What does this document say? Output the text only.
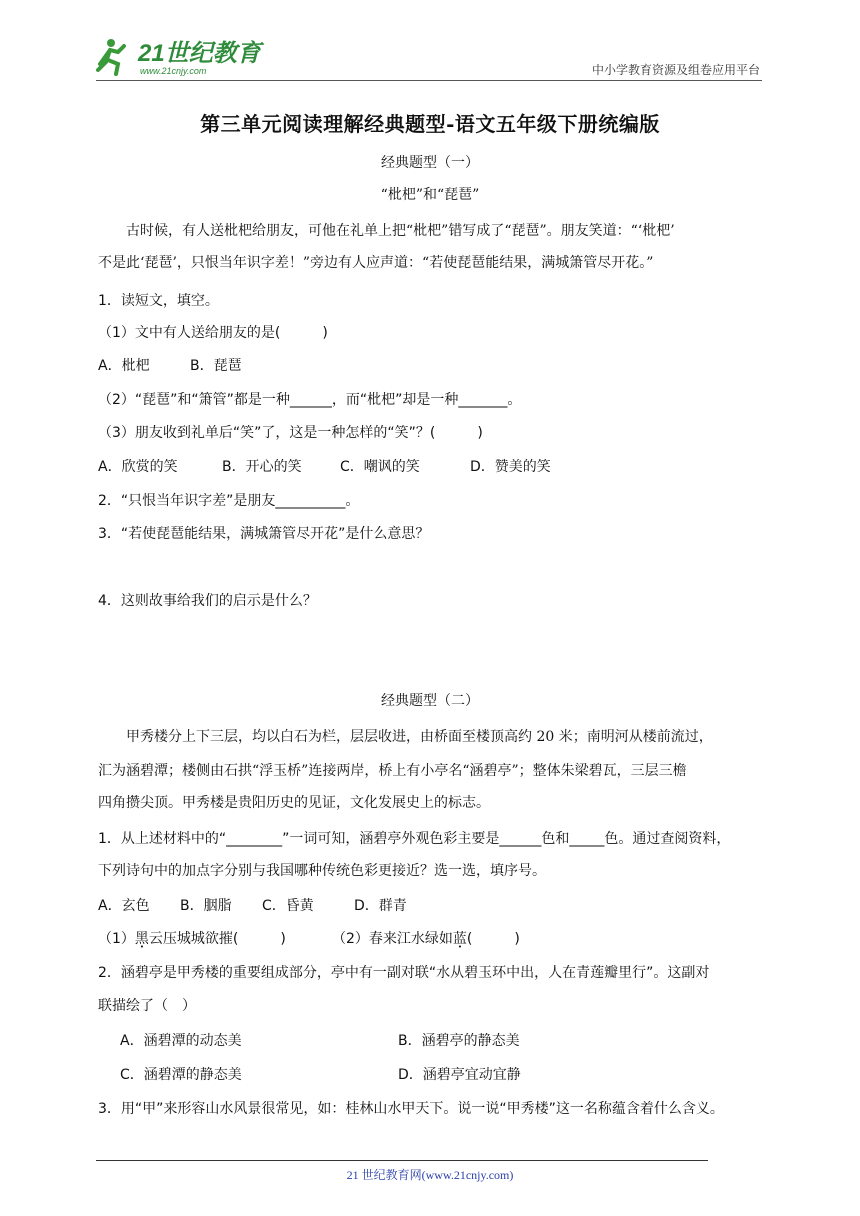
21世纪教育
www.21cnjy.com	中小学教育资源及组卷应用平台
第三单元阅读理解经典题型-语文五年级下册统编版
经典题型（一）
“枇杷”和“琵琶”
古时候，有人送枇杷给朋友，可他在礼单上把“枇杷”错写成了“琵琶”。朋友笑道：“‘枇杷’
不是此‘琵琶’，只恨当年识字差！”旁边有人应声道：“若使琵琶能结果，满城箫管尽开花。”
1．读短文，填空。
（1）文中有人送给朋友的是(　　　)
A．枇杷	B．琵琶
（2）“琵琶”和“箫管”都是一种______，而“枇杷”却是一种_______。
（3）朋友收到礼单后“笑”了，这是一种怎样的“笑”？(　　　)
A．欣赏的笑	B．开心的笑	C．嘲讽的笑	D．赞美的笑
2．“只恨当年识字差”是朋友__________。
3．“若使琵琶能结果，满城箫管尽开花”是什么意思？
4．这则故事给我们的启示是什么？
经典题型（二）
甲秀楼分上下三层，均以白石为栏，层层收进，由桥面至楼顶高约 20 米；南明河从楼前流过，
汇为涵碧潭；楼侧由石拱“浮玉桥”连接两岸，桥上有小亭名“涵碧亭”；整体朱梁碧瓦，三层三檐
四角攒尖顶。甲秀楼是贵阳历史的见证，文化发展史上的标志。
1．从上述材料中的“________”一词可知，涵碧亭外观色彩主要是______色和_____色。通过查阅资料，
下列诗句中的加点字分别与我国哪种传统色彩更接近？选一选，填序号。
A．玄色 B．胭脂 C．昏黄	D．群青
（1）黑云压城城欲摧(　　　)	（2）春来江水绿如蓝(　　　)
2．涵碧亭是甲秀楼的重要组成部分，亭中有一副对联“水从碧玉环中出，人在青莲瓣里行”。这副对
联描绘了（　）
A．涵碧潭的动态美	B．涵碧亭的静态美
C．涵碧潭的静态美	D．涵碧亭宜动宜静
3．用“甲”来形容山水风景很常见，如：桂林山水甲天下。说一说“甲秀楼”这一名称蕴含着什么含义。
21 世纪教育网(www.21cnjy.com)
